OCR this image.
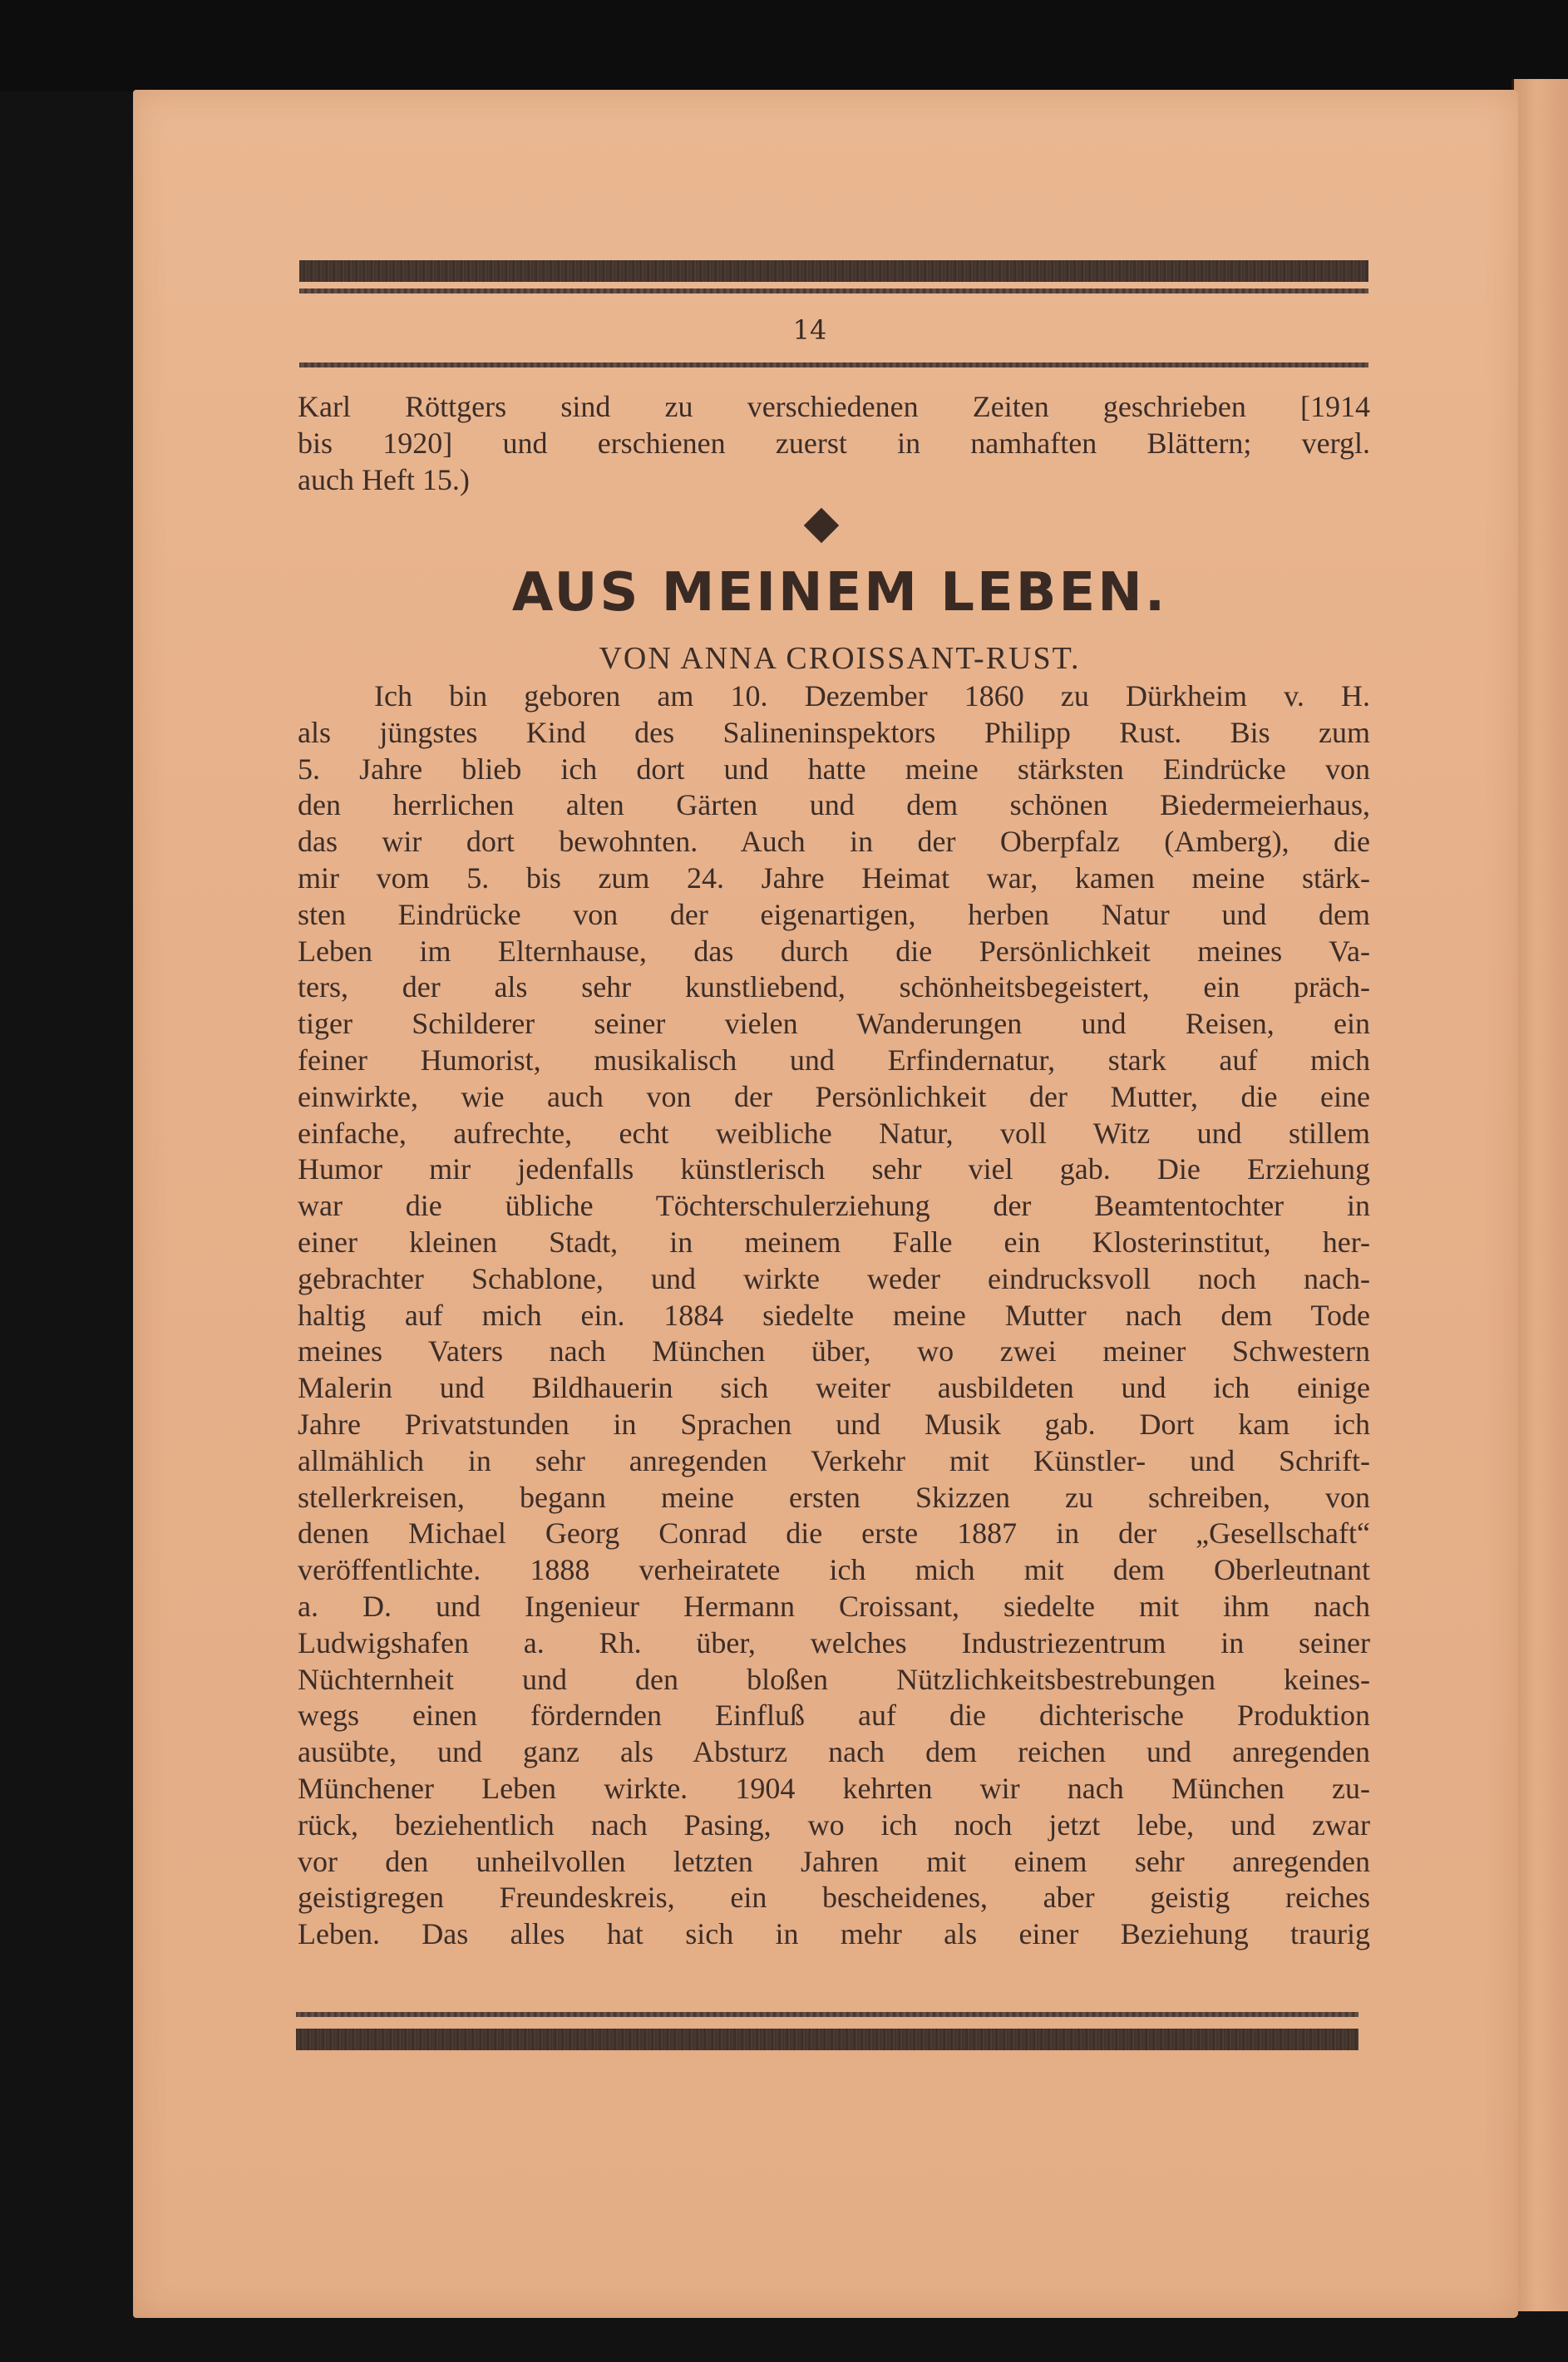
14
Karl Röttgers sind zu verschiedenen Zeiten geschrieben [1914
bis 1920] und erschienen zuerst in namhaften Blättern; vergl.
auch Heft 15.)
AUS MEINEM LEBEN.
VON ANNA CROISSANT-RUST.
Ich bin geboren am 10. Dezember 1860 zu Dürkheim v. H.
als jüngstes Kind des Salineninspektors Philipp Rust. Bis zum
5. Jahre blieb ich dort und hatte meine stärksten Eindrücke von
den herrlichen alten Gärten und dem schönen Biedermeierhaus,
das wir dort bewohnten. Auch in der Oberpfalz (Amberg), die
mir vom 5. bis zum 24. Jahre Heimat war, kamen meine stärk-
sten Eindrücke von der eigenartigen, herben Natur und dem
Leben im Elternhause, das durch die Persönlichkeit meines Va-
ters, der als sehr kunstliebend, schönheitsbegeistert, ein präch-
tiger Schilderer seiner vielen Wanderungen und Reisen, ein
feiner Humorist, musikalisch und Erfindernatur, stark auf mich
einwirkte, wie auch von der Persönlichkeit der Mutter, die eine
einfache, aufrechte, echt weibliche Natur, voll Witz und stillem
Humor mir jedenfalls künstlerisch sehr viel gab. Die Erziehung
war die übliche Töchterschulerziehung der Beamtentochter in
einer kleinen Stadt, in meinem Falle ein Klosterinstitut, her-
gebrachter Schablone, und wirkte weder eindrucksvoll noch nach-
haltig auf mich ein. 1884 siedelte meine Mutter nach dem Tode
meines Vaters nach München über, wo zwei meiner Schwestern
Malerin und Bildhauerin sich weiter ausbildeten und ich einige
Jahre Privatstunden in Sprachen und Musik gab. Dort kam ich
allmählich in sehr anregenden Verkehr mit Künstler- und Schrift-
stellerkreisen, begann meine ersten Skizzen zu schreiben, von
denen Michael Georg Conrad die erste 1887 in der „Gesellschaft“
veröffentlichte. 1888 verheiratete ich mich mit dem Oberleutnant
a. D. und Ingenieur Hermann Croissant, siedelte mit ihm nach
Ludwigshafen a. Rh. über, welches Industriezentrum in seiner
Nüchternheit und den bloßen Nützlichkeitsbestrebungen keines-
wegs einen fördernden Einfluß auf die dichterische Produktion
ausübte, und ganz als Absturz nach dem reichen und anregenden
Münchener Leben wirkte. 1904 kehrten wir nach München zu-
rück, beziehentlich nach Pasing, wo ich noch jetzt lebe, und zwar
vor den unheilvollen letzten Jahren mit einem sehr anregenden
geistigregen Freundeskreis, ein bescheidenes, aber geistig reiches
Leben. Das alles hat sich in mehr als einer Beziehung traurig
